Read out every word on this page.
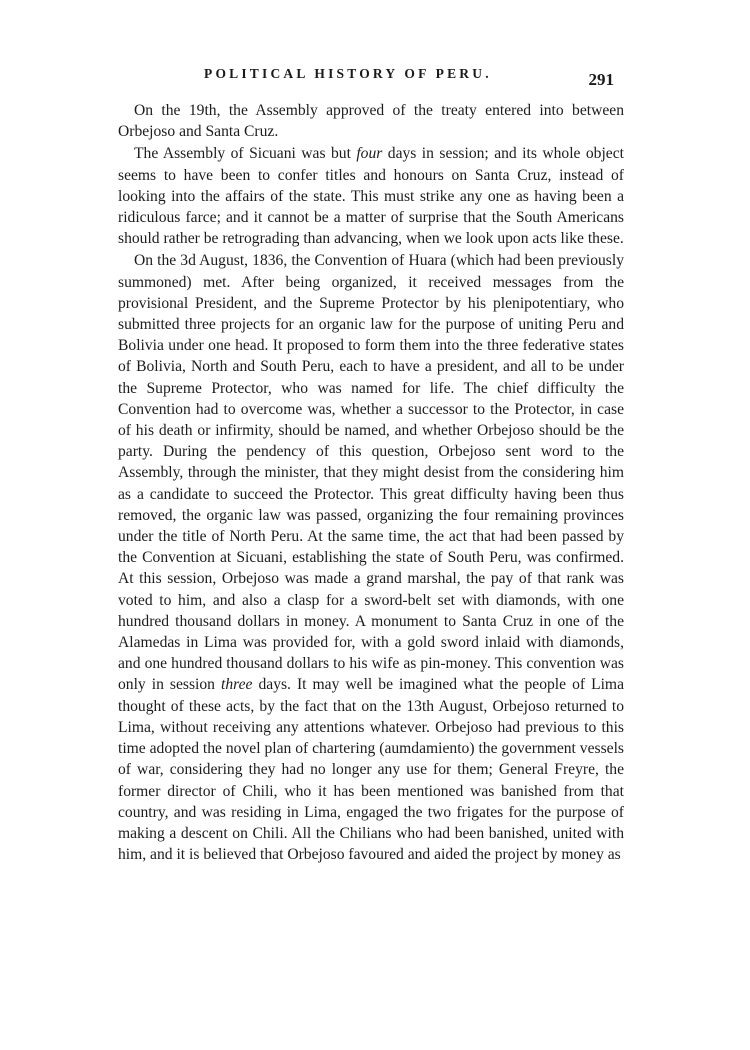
POLITICAL HISTORY OF PERU.	291

On the 19th, the Assembly approved of the treaty entered into between Orbejoso and Santa Cruz.

The Assembly of Sicuani was but four days in session; and its whole object seems to have been to confer titles and honours on Santa Cruz, instead of looking into the affairs of the state. This must strike any one as having been a ridiculous farce; and it cannot be a matter of surprise that the South Americans should rather be retrograding than advancing, when we look upon acts like these.

On the 3d August, 1836, the Convention of Huara (which had been previously summoned) met. After being organized, it received messages from the provisional President, and the Supreme Protector by his plenipotentiary, who submitted three projects for an organic law for the purpose of uniting Peru and Bolivia under one head. It proposed to form them into the three federative states of Bolivia, North and South Peru, each to have a president, and all to be under the Supreme Protector, who was named for life. The chief difficulty the Convention had to overcome was, whether a successor to the Protector, in case of his death or infirmity, should be named, and whether Orbejoso should be the party. During the pendency of this question, Orbejoso sent word to the Assembly, through the minister, that they might desist from the considering him as a candidate to succeed the Protector. This great difficulty having been thus removed, the organic law was passed, organizing the four remaining provinces under the title of North Peru. At the same time, the act that had been passed by the Convention at Sicuani, establishing the state of South Peru, was confirmed. At this session, Orbejoso was made a grand marshal, the pay of that rank was voted to him, and also a clasp for a sword-belt set with diamonds, with one hundred thousand dollars in money. A monument to Santa Cruz in one of the Alamedas in Lima was provided for, with a gold sword inlaid with diamonds, and one hundred thousand dollars to his wife as pin-money. This convention was only in session three days. It may well be imagined what the people of Lima thought of these acts, by the fact that on the 13th August, Orbejoso returned to Lima, without receiving any attentions whatever. Orbejoso had previous to this time adopted the novel plan of chartering (aumdamiento) the government vessels of war, considering they had no longer any use for them; General Freyre, the former director of Chili, who it has been mentioned was banished from that country, and was residing in Lima, engaged the two frigates for the purpose of making a descent on Chili. All the Chilians who had been banished, united with him, and it is believed that Orbejoso favoured and aided the project by money as
